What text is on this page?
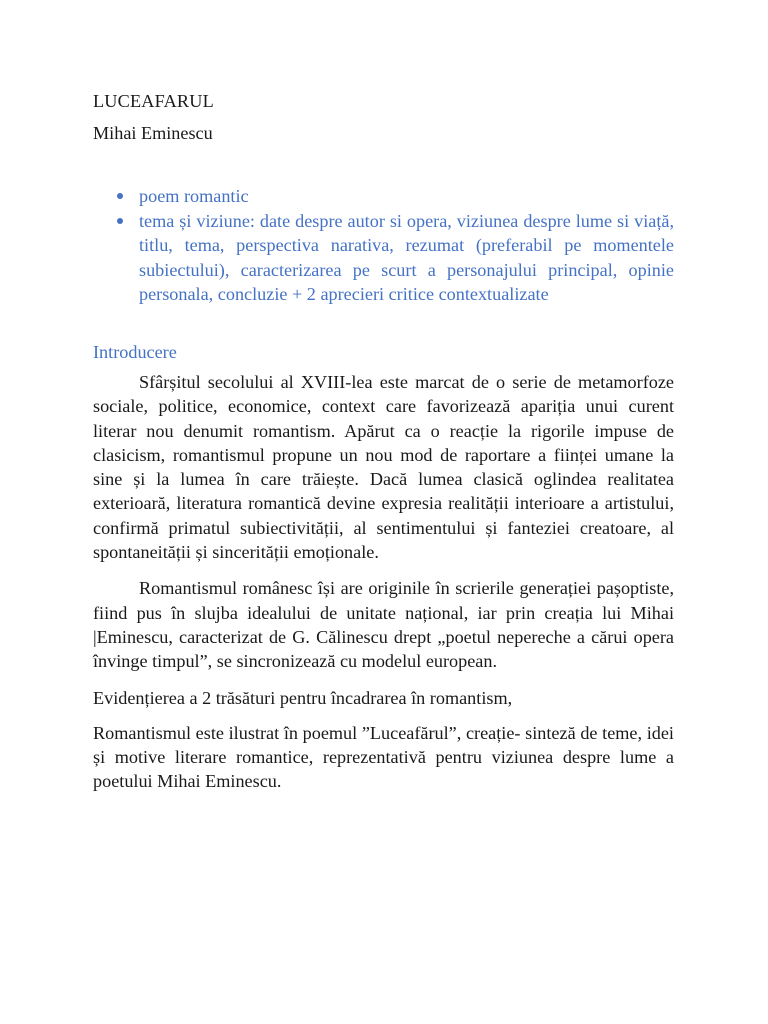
LUCEAFARUL

Mihai Eminescu

poem romantic
tema și viziune: date despre autor si opera, viziunea despre lume si viață, titlu, tema, perspectiva narativa, rezumat (preferabil pe momentele subiectului), caracterizarea pe scurt a personajului principal, opinie personala, concluzie + 2 aprecieri critice contextualizate
Introducere

Sfârșitul secolului al XVIII-lea este marcat de o serie de metamorfoze sociale, politice, economice, context care favorizează apariția unui curent literar nou denumit romantism. Apărut ca o reacție la rigorile impuse de clasicism, romantismul propune un nou mod de raportare a ființei umane la sine și la lumea în care trăiește. Dacă lumea clasică oglindea realitatea exterioară, literatura romantică devine expresia realității interioare a artistului, confirmă primatul subiectivității, al sentimentului și fanteziei creatoare, al spontaneității și sincerității emoționale.

Romantismul românesc își are originile în scrierile generației pașoptiste, fiind pus în slujba idealului de unitate național, iar prin creația lui Mihai |Eminescu, caracterizat de G. Călinescu drept „poetul nepereche a cărui opera învinge timpul”, se sincronizează cu modelul european.

Evidențierea a 2 trăsături pentru încadrarea în romantism,

Romantismul este ilustrat în poemul ”Luceafărul”, creație- sinteză de teme, idei și motive literare romantice, reprezentativă pentru viziunea despre lume a poetului Mihai Eminescu.
